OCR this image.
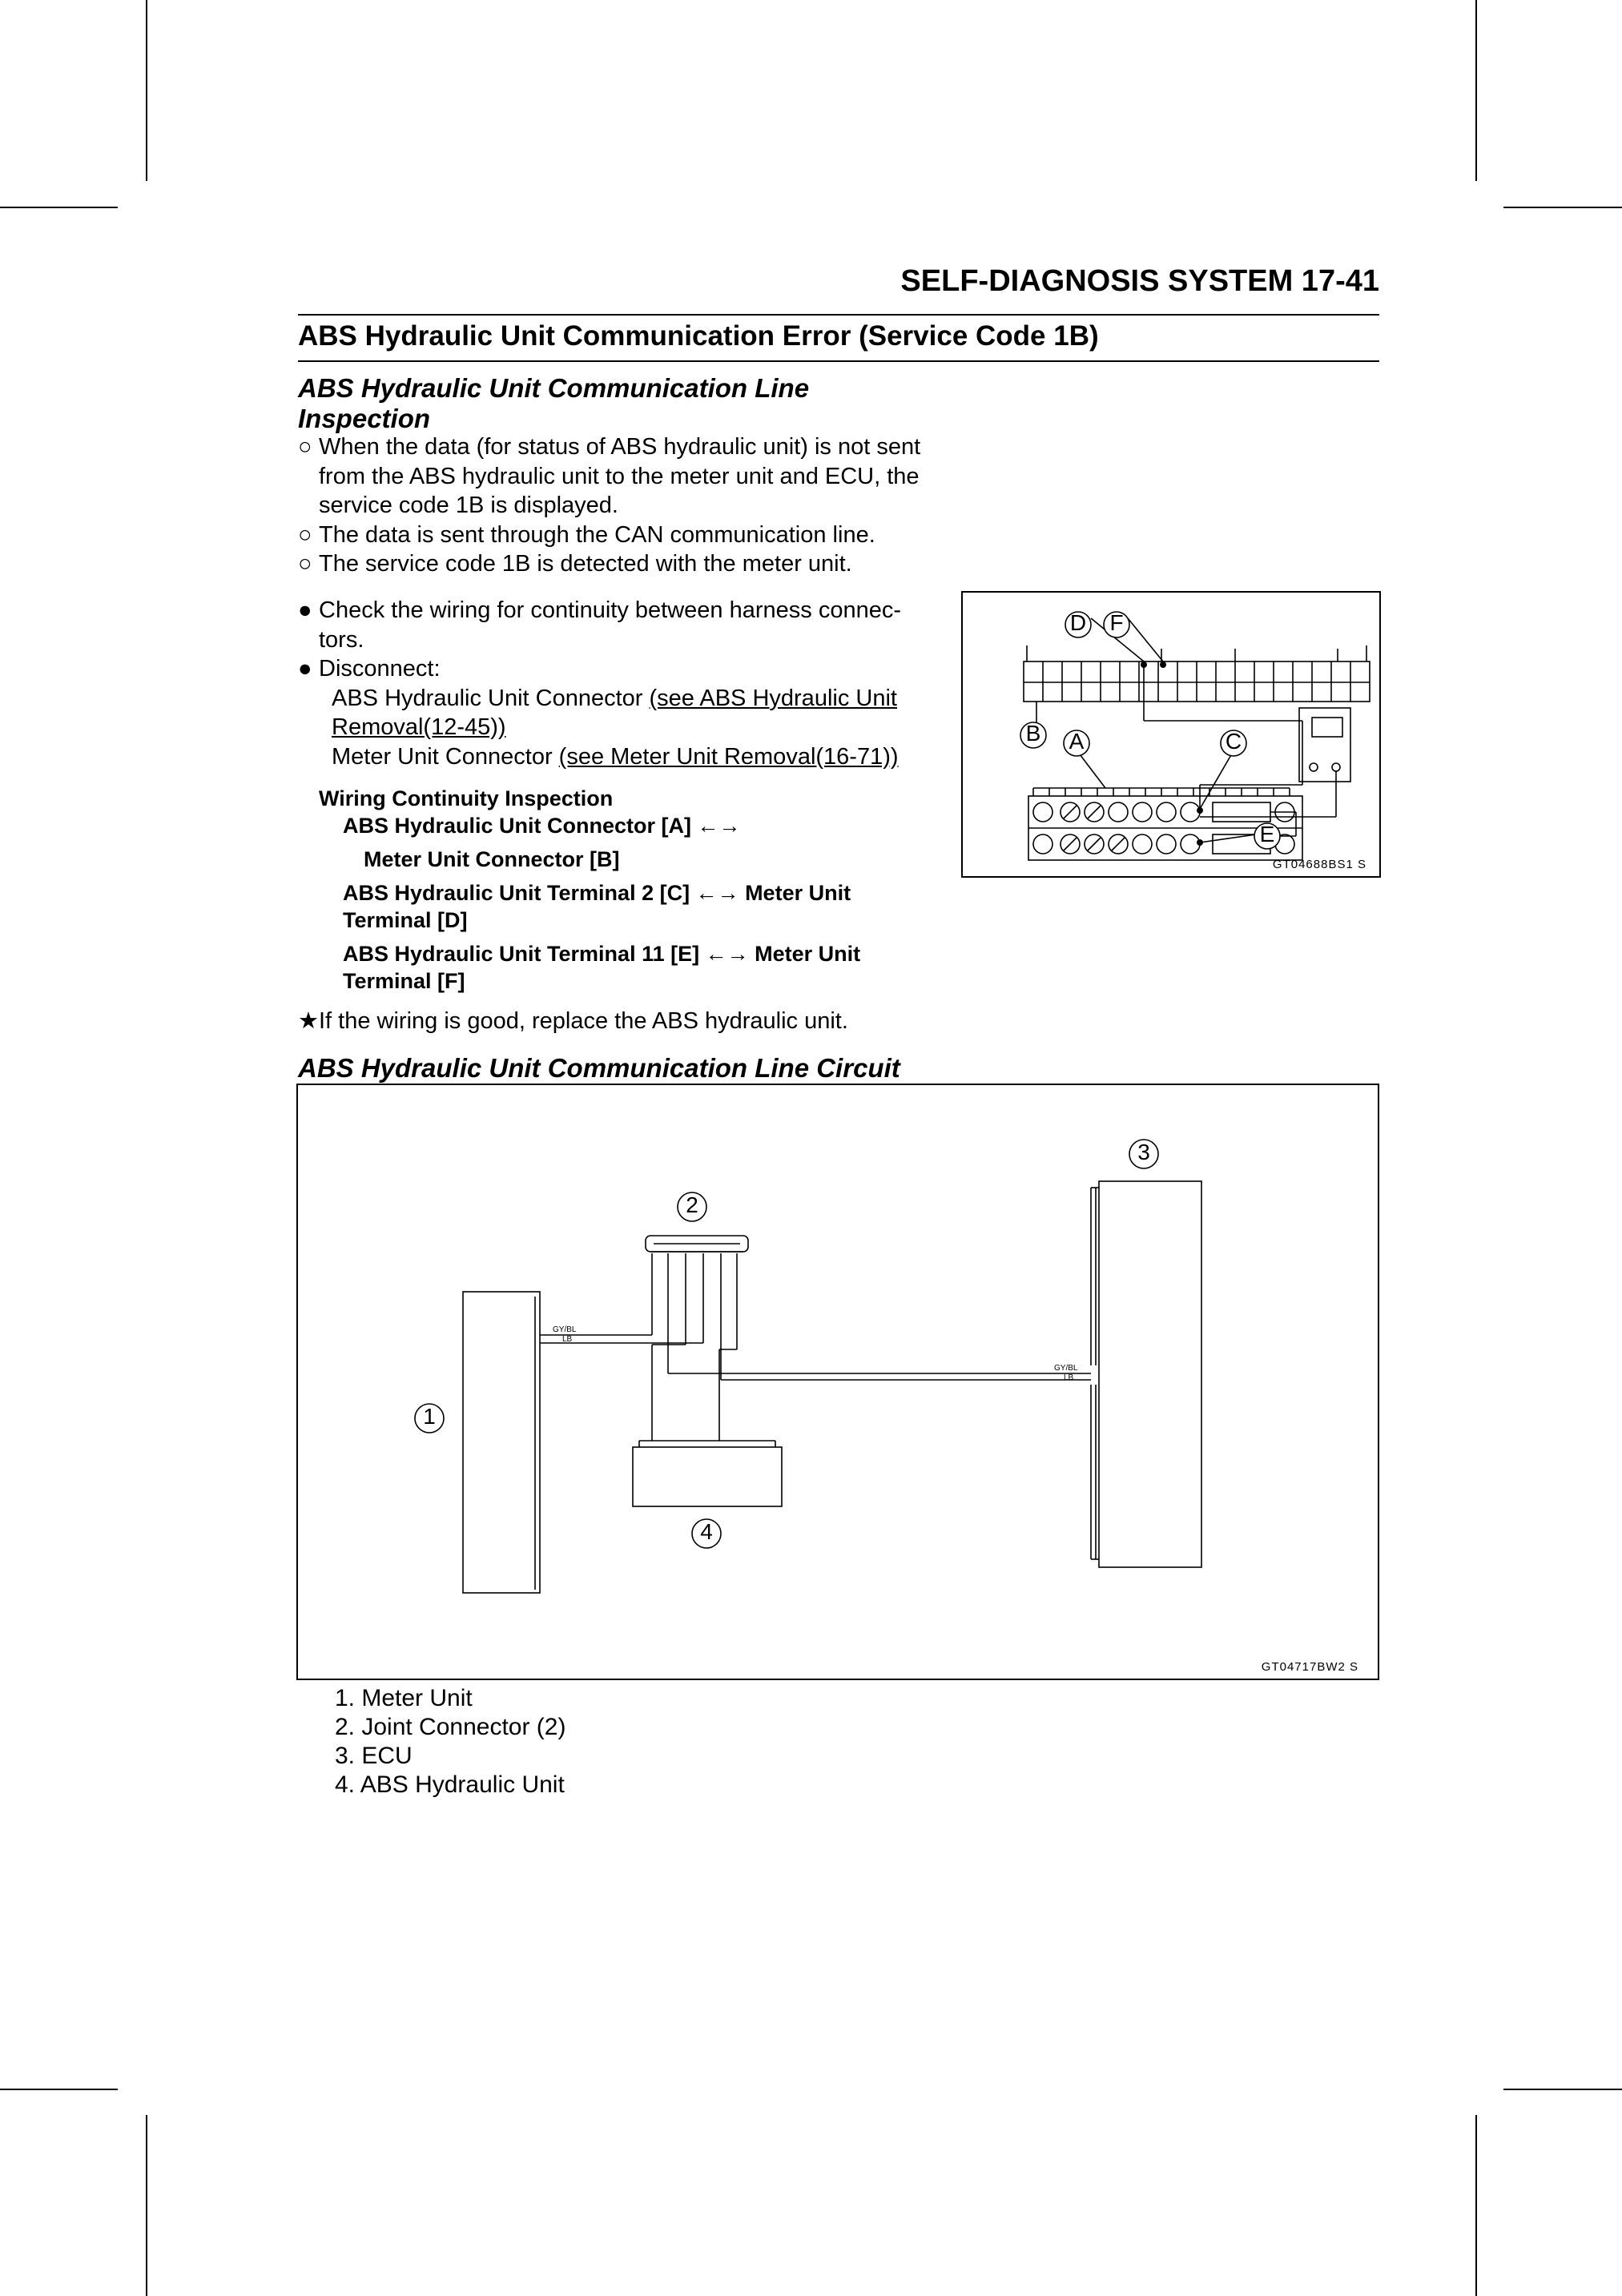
SELF-DIAGNOSIS SYSTEM 17-41
ABS Hydraulic Unit Communication Error (Service Code 1B)
ABS Hydraulic Unit Communication Line
Inspection
○ When the data (for status of ABS hydraulic unit) is not sent
from the ABS hydraulic unit to the meter unit and ECU, the
service code 1B is displayed.
○ The data is sent through the CAN communication line.
○ The service code 1B is detected with the meter unit.
● Check the wiring for continuity between harness connec-
tors.
● Disconnect:
ABS Hydraulic Unit Connector (see ABS Hydraulic Unit
Removal(12-45))
Meter Unit Connector (see Meter Unit Removal(16-71))
Wiring Continuity Inspection
ABS Hydraulic Unit Connector [A] ←→
Meter Unit Connector [B]
ABS Hydraulic Unit Terminal 2 [C] ←→ Meter Unit
Terminal [D]
ABS Hydraulic Unit Terminal 11 [E] ←→ Meter Unit
Terminal [F]
★If the wiring is good, replace the ABS hydraulic unit.
D F
B A	C
E
GT04688BS1 S
ABS Hydraulic Unit Communication Line Circuit
1
2
3
4
GY/BL
LB
GY/BL
LB
GT04717BW2 S
1. Meter Unit
2. Joint Connector (2)
3. ECU
4. ABS Hydraulic Unit
